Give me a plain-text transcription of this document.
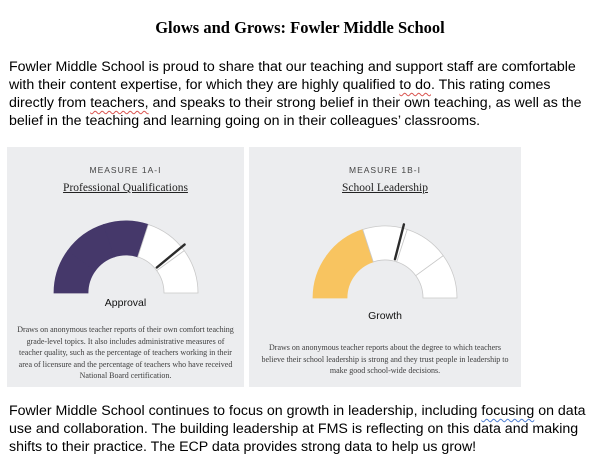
Glows and Grows: Fowler Middle School

Fowler Middle School is proud to share that our teaching and support staff are comfortable with their content expertise, for which they are highly qualified to do. This rating comes directly from teachers, and speaks to their strong belief in their own teaching, as well as the belief in the teaching and learning going on in their colleagues’ classrooms.

MEASURE 1A-I
Professional Qualifications
Approval
Draws on anonymous teacher reports of their own comfort teaching grade-level topics. It also includes administrative measures of teacher quality, such as the percentage of teachers working in their area of licensure and the percentage of teachers who have received National Board certification.
MEASURE 1B-I
School Leadership
Growth
Draws on anonymous teacher reports about the degree to which teachers believe their school leadership is strong and they trust people in leadership to make good school-wide decisions.

Fowler Middle School continues to focus on growth in leadership, including focusing on data use and collaboration. The building leadership at FMS is reflecting on this data and making shifts to their practice. The ECP data provides strong data to help us grow!
